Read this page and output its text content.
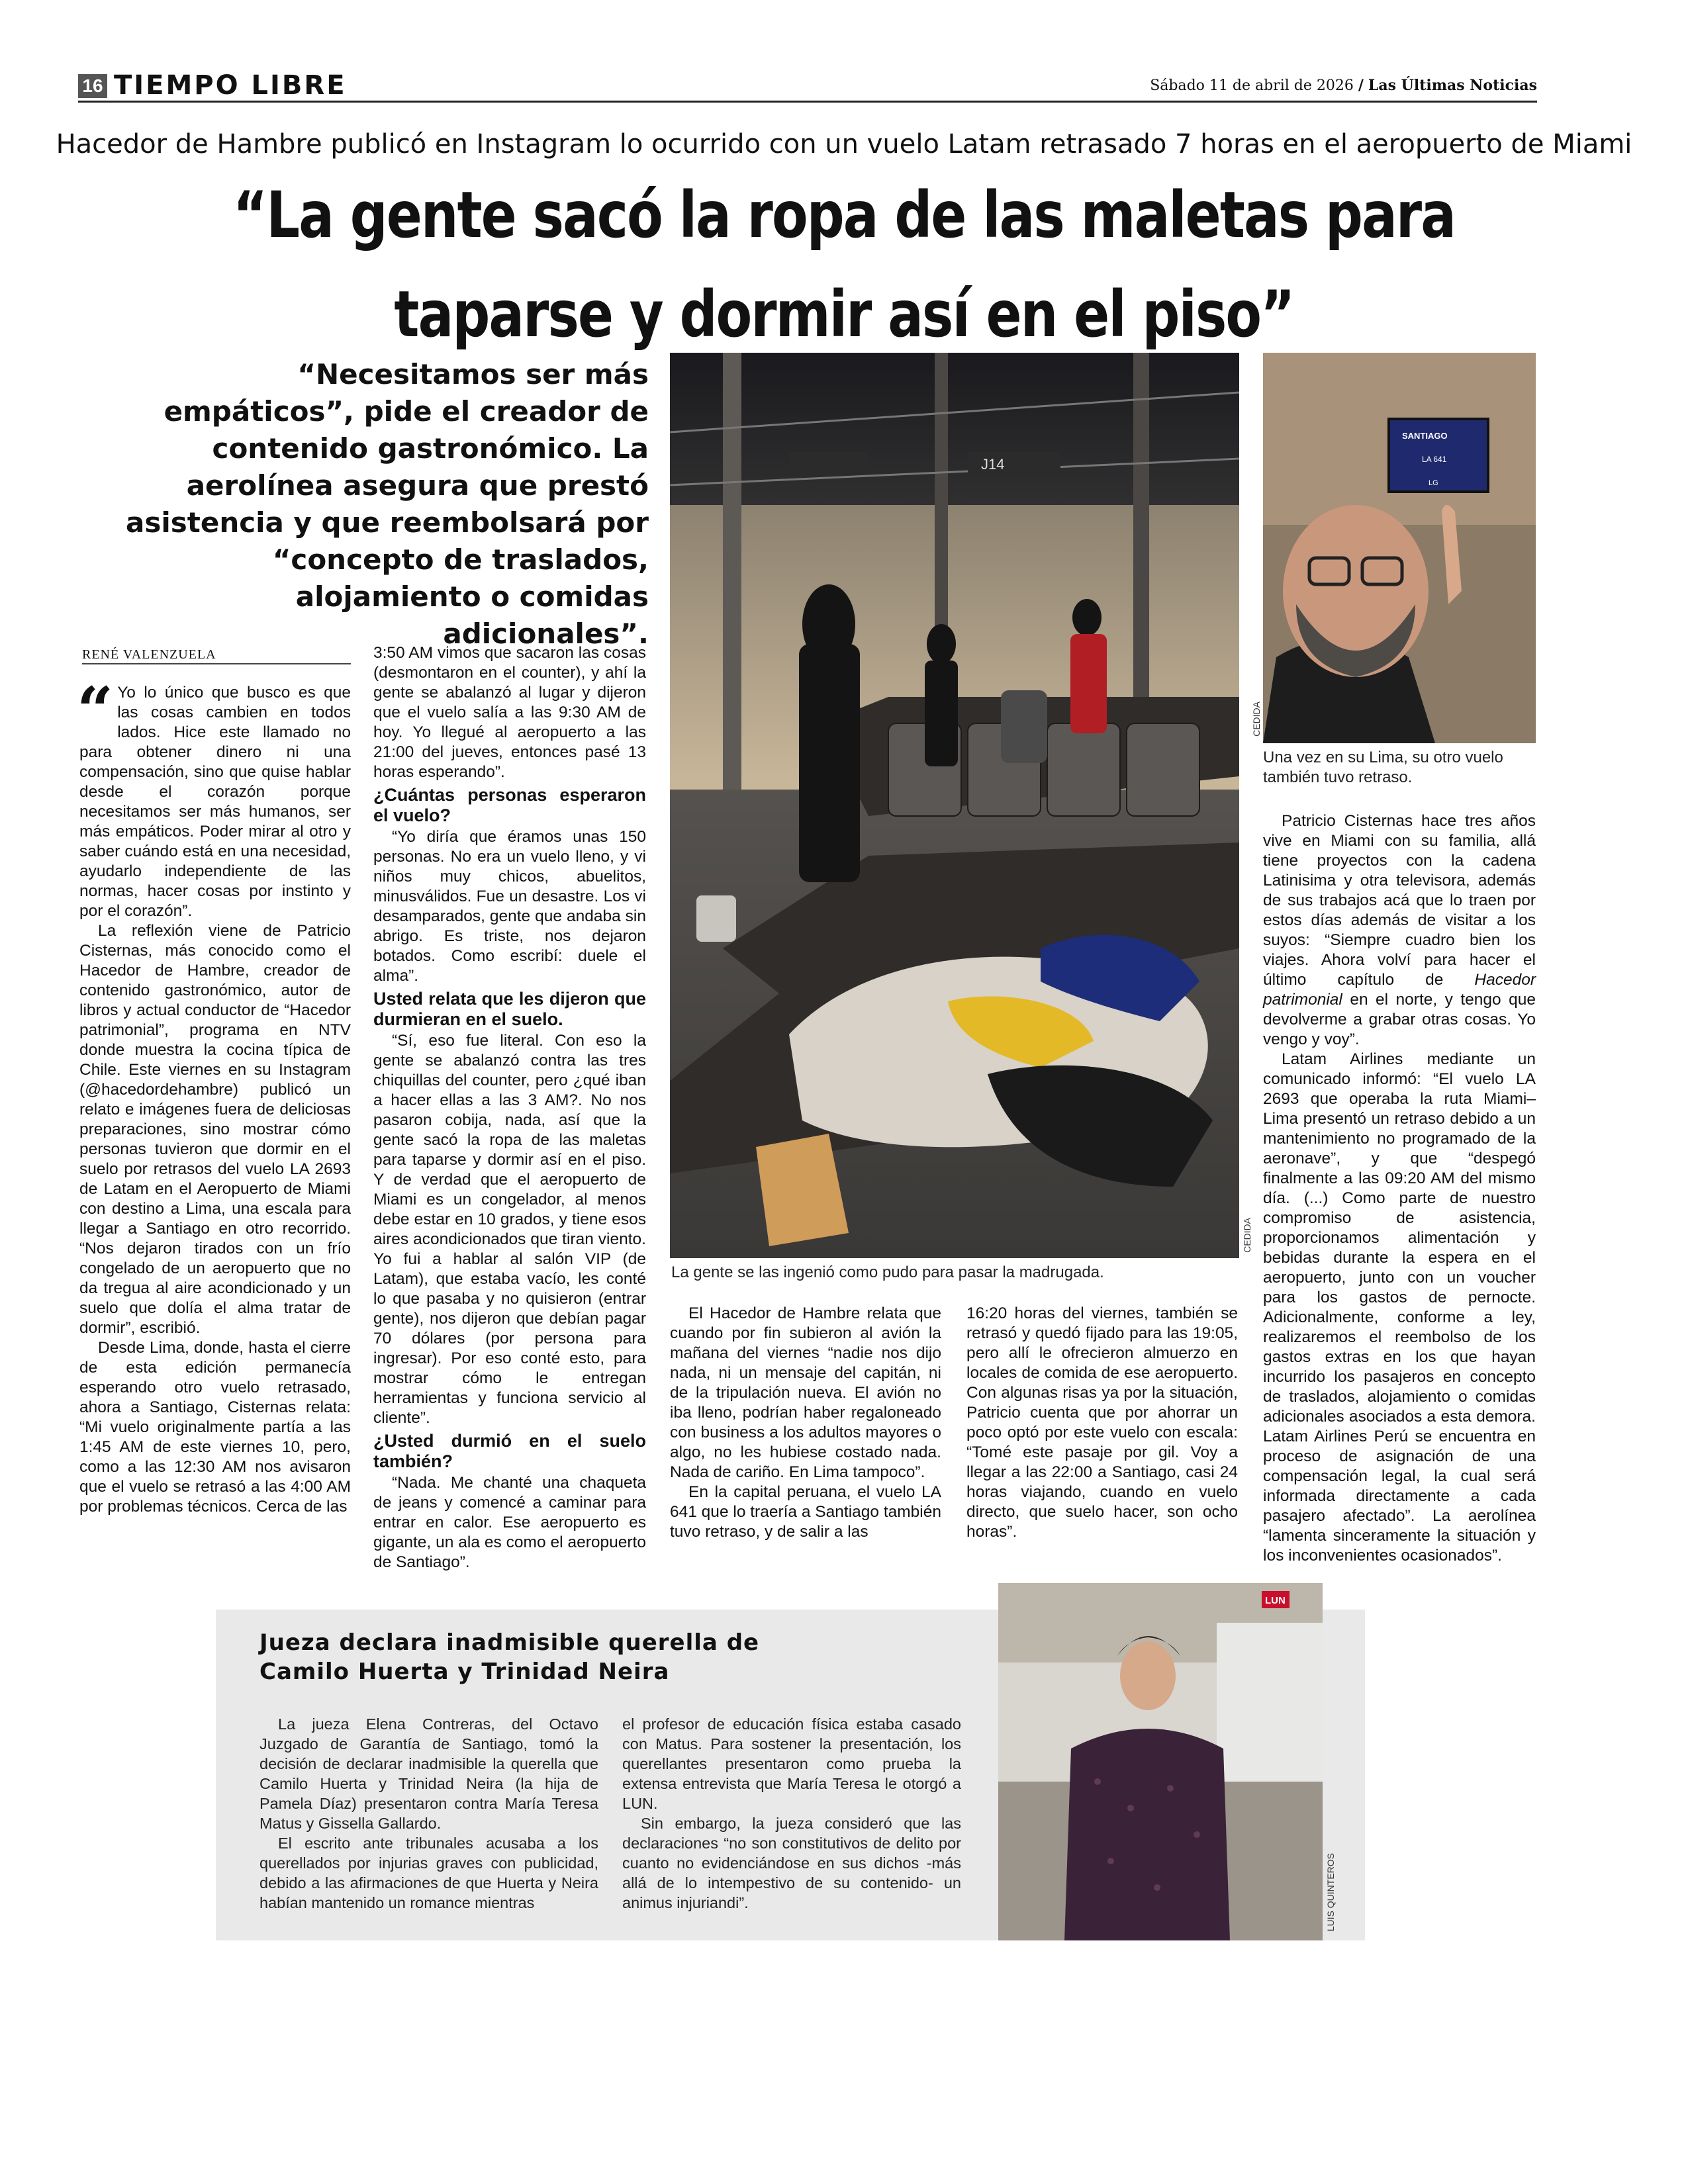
16 TIEMPO LIBRE	Sábado 11 de abril de 2026 / Las Últimas Noticias
Hacedor de Hambre publicó en Instagram lo ocurrido con un vuelo Latam retrasado 7 horas en el aeropuerto de Miami
“La gente sacó la ropa de las maletas para
taparse y dormir así en el piso”
“Necesitamos ser más empáticos”, pide el creador de contenido gastronómico. La aerolínea asegura que prestó asistencia y que reembolsará por “concepto de traslados, alojamiento o comidas adicionales”.
J14
CEDIDA
La gente se las ingenió como pudo para pasar la madrugada.
SANTIAGO
LA 641
LG
CEDIDA
Una vez en su Lima, su otro vuelo también tuvo retraso.
RENÉ VALENZUELA

“ Yo lo único que busco es que las cosas cambien en todos lados. Hice este llamado no para obtener dinero ni una compensación, sino que quise hablar desde el corazón porque necesitamos ser más humanos, ser más empáticos. Poder mirar al otro y saber cuándo está en una necesidad, ayudarlo independiente de las normas, hacer cosas por instinto y por el corazón”.

La reflexión viene de Patricio Cisternas, más conocido como el Hacedor de Hambre, creador de contenido gastronómico, autor de libros y actual conductor de “Hacedor patrimonial”, programa en NTV donde muestra la cocina típica de Chile. Este viernes en su Instagram (@hacedordehambre) publicó un relato e imágenes fuera de deliciosas preparaciones, sino mostrar cómo personas tuvieron que dormir en el suelo por retrasos del vuelo LA 2693 de Latam en el Aeropuerto de Miami con destino a Lima, una escala para llegar a Santiago en otro recorrido. “Nos dejaron tirados con un frío congelado de un aeropuerto que no da tregua al aire acondicionado y un suelo que dolía el alma tratar de dormir”, escribió.

Desde Lima, donde, hasta el cierre de esta edición permanecía esperando otro vuelo retrasado, ahora a Santiago, Cisternas relata: “Mi vuelo originalmente partía a las 1:45 AM de este viernes 10, pero, como a las 12:30 AM nos avisaron que el vuelo se retrasó a las 4:00 AM por problemas técnicos. Cerca de las

3:50 AM vimos que sacaron las cosas (desmontaron en el counter), y ahí la gente se abalanzó al lugar y dijeron que el vuelo salía a las 9:30 AM de hoy. Yo llegué al aeropuerto a las 21:00 del jueves, entonces pasé 13 horas esperando”.

¿Cuántas personas esperaron el vuelo?

“Yo diría que éramos unas 150 personas. No era un vuelo lleno, y vi niños muy chicos, abuelitos, minusválidos. Fue un desastre. Los vi desamparados, gente que andaba sin abrigo. Es triste, nos dejaron botados. Como escribí: duele el alma”.

Usted relata que les dijeron que durmieran en el suelo.

“Sí, eso fue literal. Con eso la gente se abalanzó contra las tres chiquillas del counter, pero ¿qué iban a hacer ellas a las 3 AM?. No nos pasaron cobija, nada, así que la gente sacó la ropa de las maletas para taparse y dormir así en el piso. Y de verdad que el aeropuerto de Miami es un congelador, al menos debe estar en 10 grados, y tiene esos aires acondicionados que tiran viento. Yo fui a hablar al salón VIP (de Latam), que estaba vacío, les conté lo que pasaba y no quisieron (entrar gente), nos dijeron que debían pagar 70 dólares (por persona para ingresar). Por eso conté esto, para mostrar cómo le entregan herramientas y funciona servicio al cliente”.

¿Usted durmió en el suelo también?

“Nada. Me chanté una chaqueta de jeans y comencé a caminar para entrar en calor. Ese aeropuerto es gigante, un ala es como el aeropuerto de Santiago”.

El Hacedor de Hambre relata que cuando por fin subieron al avión la mañana del viernes “nadie nos dijo nada, ni un mensaje del capitán, ni de la tripulación nueva. El avión no iba lleno, podrían haber regaloneado con business a los adultos mayores o algo, no les hubiese costado nada. Nada de cariño. En Lima tampoco”.

En la capital peruana, el vuelo LA 641 que lo traería a Santiago también tuvo retraso, y de salir a las

16:20 horas del viernes, también se retrasó y quedó fijado para las 19:05, pero allí le ofrecieron almuerzo en locales de comida de ese aeropuerto. Con algunas risas ya por la situación, Patricio cuenta que por ahorrar un poco optó por este vuelo con escala: “Tomé este pasaje por gil. Voy a llegar a las 22:00 a Santiago, casi 24 horas viajando, cuando en vuelo directo, que suelo hacer, son ocho horas”.

Patricio Cisternas hace tres años vive en Miami con su familia, allá tiene proyectos con la cadena Latinisima y otra televisora, además de sus trabajos acá que lo traen por estos días además de visitar a los suyos: “Siempre cuadro bien los viajes. Ahora volví para hacer el último capítulo de Hacedor patrimonial en el norte, y tengo que devolverme a grabar otras cosas. Yo vengo y voy”.

Latam Airlines mediante un comunicado informó: “El vuelo LA 2693 que operaba la ruta Miami–Lima presentó un retraso debido a un mantenimiento no programado de la aeronave”, y que “despegó finalmente a las 09:20 AM del mismo día. (...) Como parte de nuestro compromiso de asistencia, proporcionamos alimentación y bebidas durante la espera en el aeropuerto, junto con un voucher para los gastos de pernocte. Adicionalmente, conforme a ley, realizaremos el reembolso de los gastos extras en los que hayan incurrido los pasajeros en concepto de traslados, alojamiento o comidas adicionales asociados a esta demora. Latam Airlines Perú se encuentra en proceso de asignación de una compensación legal, la cual será informada directamente a cada pasajero afectado”. La aerolínea “lamenta sinceramente la situación y los inconvenientes ocasionados”.

Jueza declara inadmisible querella de
Camilo Huerta y Trinidad Neira

La jueza Elena Contreras, del Octavo Juzgado de Garantía de Santiago, tomó la decisión de declarar inadmisible la querella que Camilo Huerta y Trinidad Neira (la hija de Pamela Díaz) presentaron contra María Teresa Matus y Gissella Gallardo.

El escrito ante tribunales acusaba a los querellados por injurias graves con publicidad, debido a las afirmaciones de que Huerta y Neira habían mantenido un romance mientras

el profesor de educación física estaba casado con Matus. Para sostener la presentación, los querellantes presentaron como prueba la extensa entrevista que María Teresa le otorgó a LUN.

Sin embargo, la jueza consideró que las declaraciones “no son constitutivos de delito por cuanto no evidenciándose en sus dichos -más allá de lo intempestivo de su contenido- un animus injuriandi”.

LUN
LUIS QUINTEROS
